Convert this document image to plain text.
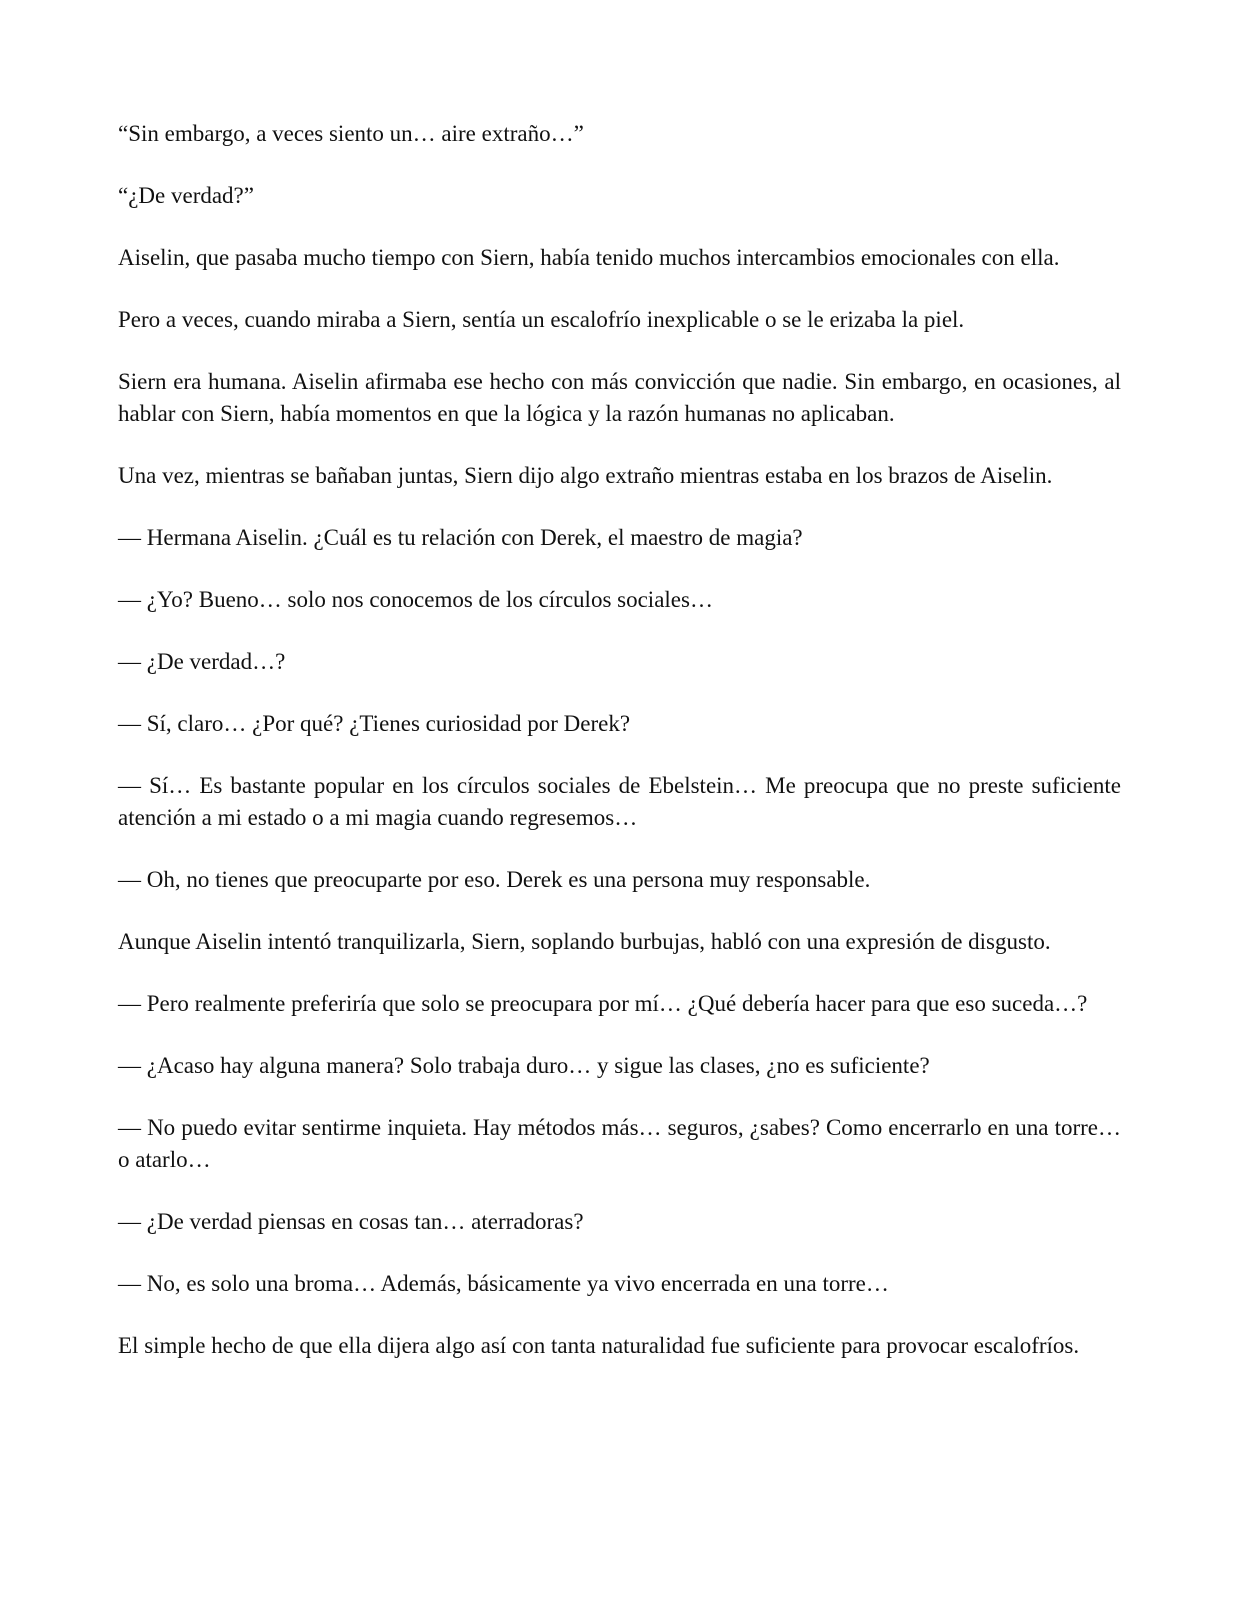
“Sin embargo, a veces siento un… aire extraño…”

“¿De verdad?”

Aiselin, que pasaba mucho tiempo con Siern, había tenido muchos intercambios emocionales con ella.

Pero a veces, cuando miraba a Siern, sentía un escalofrío inexplicable o se le erizaba la piel.

Siern era humana. Aiselin afirmaba ese hecho con más convicción que nadie. Sin embargo, en ocasiones, al hablar con Siern, había momentos en que la lógica y la razón humanas no aplicaban.

Una vez, mientras se bañaban juntas, Siern dijo algo extraño mientras estaba en los brazos de Aiselin.

— Hermana Aiselin. ¿Cuál es tu relación con Derek, el maestro de magia?

— ¿Yo? Bueno… solo nos conocemos de los círculos sociales…

— ¿De verdad…?

— Sí, claro… ¿Por qué? ¿Tienes curiosidad por Derek?

— Sí… Es bastante popular en los círculos sociales de Ebelstein… Me preocupa que no preste suficiente atención a mi estado o a mi magia cuando regresemos…

— Oh, no tienes que preocuparte por eso. Derek es una persona muy responsable.

Aunque Aiselin intentó tranquilizarla, Siern, soplando burbujas, habló con una expresión de disgusto.

— Pero realmente preferiría que solo se preocupara por mí… ¿Qué debería hacer para que eso suceda…?

— ¿Acaso hay alguna manera? Solo trabaja duro… y sigue las clases, ¿no es suficiente?

— No puedo evitar sentirme inquieta. Hay métodos más… seguros, ¿sabes? Como encerrarlo en una torre… o atarlo…

— ¿De verdad piensas en cosas tan… aterradoras?

— No, es solo una broma… Además, básicamente ya vivo encerrada en una torre…

El simple hecho de que ella dijera algo así con tanta naturalidad fue suficiente para provocar escalofríos.
